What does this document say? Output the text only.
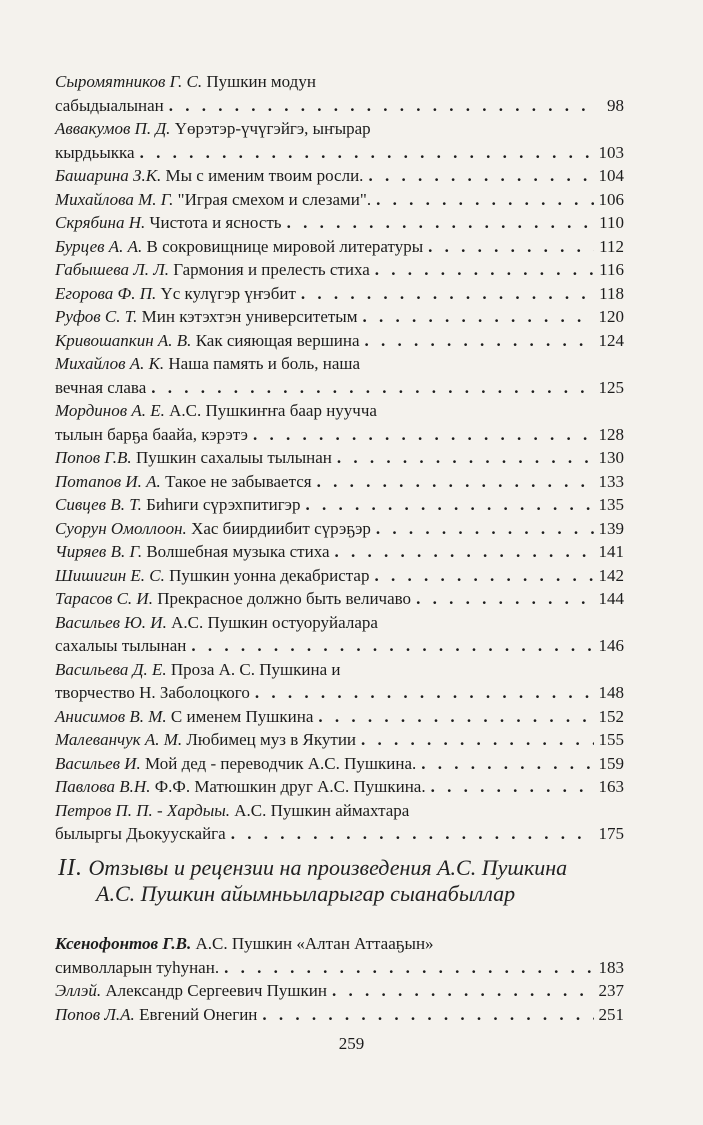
Сыромятников Г. С. Пушкин модун
сабыдыалынан . . .	98
Аввакумов П. Д. Үөрэтэр-үчүгэйгэ, ыҥырар
кырдьыкка . . .	103
Башарина З.К. Мы с именим твоим росли. . . .	104
Михайлова М. Г. "Играя смехом и слезами". . . .	106
Скрябина Н. Чистота и ясность . . .	110
Бурцев А. А. В сокровищнице мировой литературы . . .	112
Габышева Л. Л. Гармония и прелесть стиха . . .	116
Егорова Ф. П. Үс кулүгэр үҥэбит . . .	118
Руфов С. Т. Мин кэтэхтэн университетым . . .	120
Кривошапкин А. В. Как сияющая вершина . . .	124
Михайлов А. К. Наша память и боль, наша
вечная слава . . .	125
Мординов А. Е. А.С. Пушкиҥҥа баар нуучча
тылын барҕа баайа, кэрэтэ . . .	128
Попов Г.В. Пушкин сахалыы тылынан . . .	130
Потапов И. А. Такое не забывается . . .	133
Сивцев В. Т. Биһиги сүрэхпитигэр . . .	135
Суорун Омоллоон. Хас биирдиибит сүрэҕэр . . .	139
Чиряев В. Г. Волшебная музыка стиха . . .	141
Шишигин Е. С. Пушкин уонна декабристар . . .	142
Тарасов С. И. Прекрасное должно быть величаво . . .	144
Васильев Ю. И. А.С. Пушкин остуоруйалара
сахалыы тылынан . . .	146
Васильева Д. Е. Проза А. С. Пушкина и
творчество Н. Заболоцкого . . .	148
Анисимов В. М. С именем Пушкина . . .	152
Малеванчук А. М. Любимец муз в Якутии . . .	155
Васильев И. Мой дед - переводчик А.С. Пушкина. . . .	159
Павлова В.Н. Ф.Ф. Матюшкин друг А.С. Пушкина. . . .	163
Петров П. П. - Хардыы. А.С. Пушкин аймахтара
былыргы Дьокуускайга . . .	175
II. Отзывы и рецензии на произведения А.С. Пушкина
А.С. Пушкин айымньыларыгар сыанабыллар
Ксенофонтов Г.В. А.С. Пушкин «Алтан Аттааҕын»
символларын туһунан. . . .	183
Эллэй. Александр Сергеевич Пушкин . . .	237
Попов Л.А. Евгений Онегин . . .	251
259
